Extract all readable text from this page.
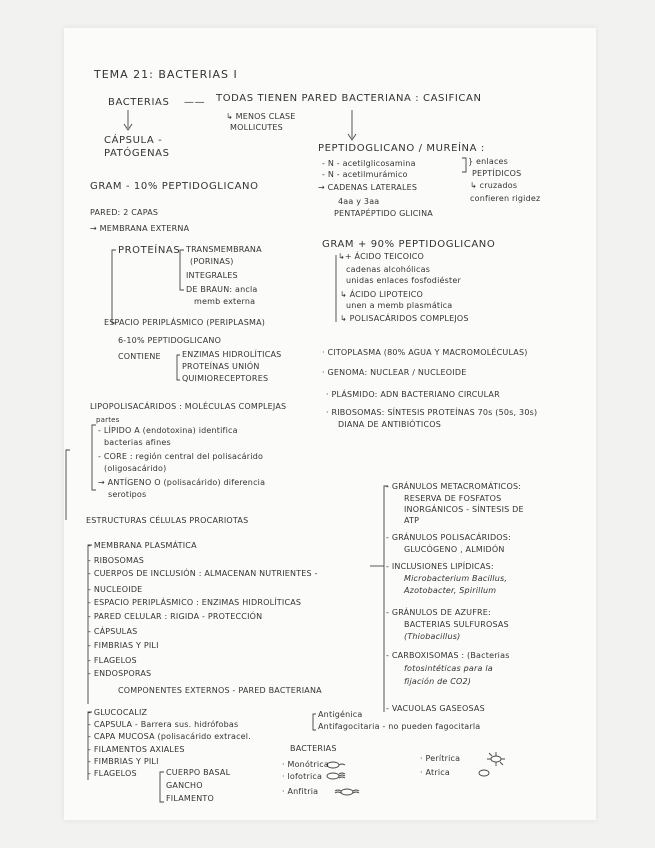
TEMA 21: BACTERIAS I
BACTERIAS —— TODAS TIENEN PARED BACTERIANA : CASIFICAN
↳ MENOS CLASE
MOLLICUTES
CÁPSULA -
PATÓGENAS	PEPTIDOGLICANO / MUREÍNA :
- N - acetilglicosamina
- N - acetilmurámico
→ CADENAS LATERALES
4aa y 3aa
PENTAPÉPTIDO GLICINA
} enlaces
PEPTÍDICOS
↳ cruzados
confieren rigidez
GRAM - 10% PEPTIDOGLICANO
PARED: 2 CAPAS
→ MEMBRANA EXTERNA
PROTEÍNAS TRANSMEMBRANA
(PORINAS)
INTEGRALES
DE BRAUN: ancla
memb externa
ESPACIO PERIPLÁSMICO (PERIPLASMA)
6-10% PEPTIDOGLICANO
CONTIENE	ENZIMAS HIDROLÍTICAS
PROTEÍNAS UNIÓN
QUIMIORECEPTORES
GRAM + 90% PEPTIDOGLICANO
↳+ ÁCIDO TEICOICO
cadenas alcohólicas
unidas enlaces fosfodiéster
↳ ÁCIDO LIPOTEICO
unen a memb plasmática
↳ POLISACÁRIDOS COMPLEJOS
· CITOPLASMA (80% AGUA Y MACROMOLÉCULAS)
· GENOMA: NUCLEAR / NUCLEOIDE
· PLÁSMIDO: ADN BACTERIANO CIRCULAR
· RIBOSOMAS: SÍNTESIS PROTEÍNAS 70s (50s, 30s)
DIANA DE ANTIBIÓTICOS
LIPOPOLISACÁRIDOS : MOLÉCULAS COMPLEJAS
partes
- LÍPIDO A (endotoxina) identifica
bacterias afines
- CORE : región central del polisacárido
(oligosacárido)
→ ANTÍGENO O (polisacárido) diferencia
serotipos
ESTRUCTURAS CÉLULAS PROCARIOTAS
- MEMBRANA PLASMÁTICA
- RIBOSOMAS
- CUERPOS DE INCLUSIÓN : ALMACENAN NUTRIENTES -
- NUCLEOIDE
- ESPACIO PERIPLÁSMICO : ENZIMAS HIDROLÍTICAS
- PARED CELULAR : RIGIDA - PROTECCIÓN
- CÁPSULAS
- FIMBRIAS Y PILI
- FLAGELOS
- ENDOSPORAS
- GRÁNULOS METACROMÁTICOS:
RESERVA DE FOSFATOS
INORGÁNICOS - SÍNTESIS DE
ATP
- GRÁNULOS POLISACÁRIDOS:
GLUCÓGENO , ALMIDÓN
- INCLUSIONES LIPÍDICAS:
Microbacterium Bacillus,
Azotobacter, Spirillum
- GRÁNULOS DE AZUFRE:
BACTERIAS SULFUROSAS
(Thiobacillus)
- CARBOXISOMAS : (Bacterias
fotosintéticas para la
fijación de CO2)
- VACUOLAS GASEOSAS
COMPONENTES EXTERNOS - PARED BACTERIANA
- GLUCOCALIZ
- CAPSULA - Barrera sus. hidrófobas
Antigénica
Antifagocitaria - no pueden fagocitarla
- CAPA MUCOSA (polisacárido extracel.
- FILAMENTOS AXIALES
- FIMBRIAS Y PILI
- FLAGELOS	CUERPO BASAL
GANCHO
FILAMENTO
BACTERIAS
· Monótrica
· lofotrica
· Anfitria
· Perítrica
· Atrica
